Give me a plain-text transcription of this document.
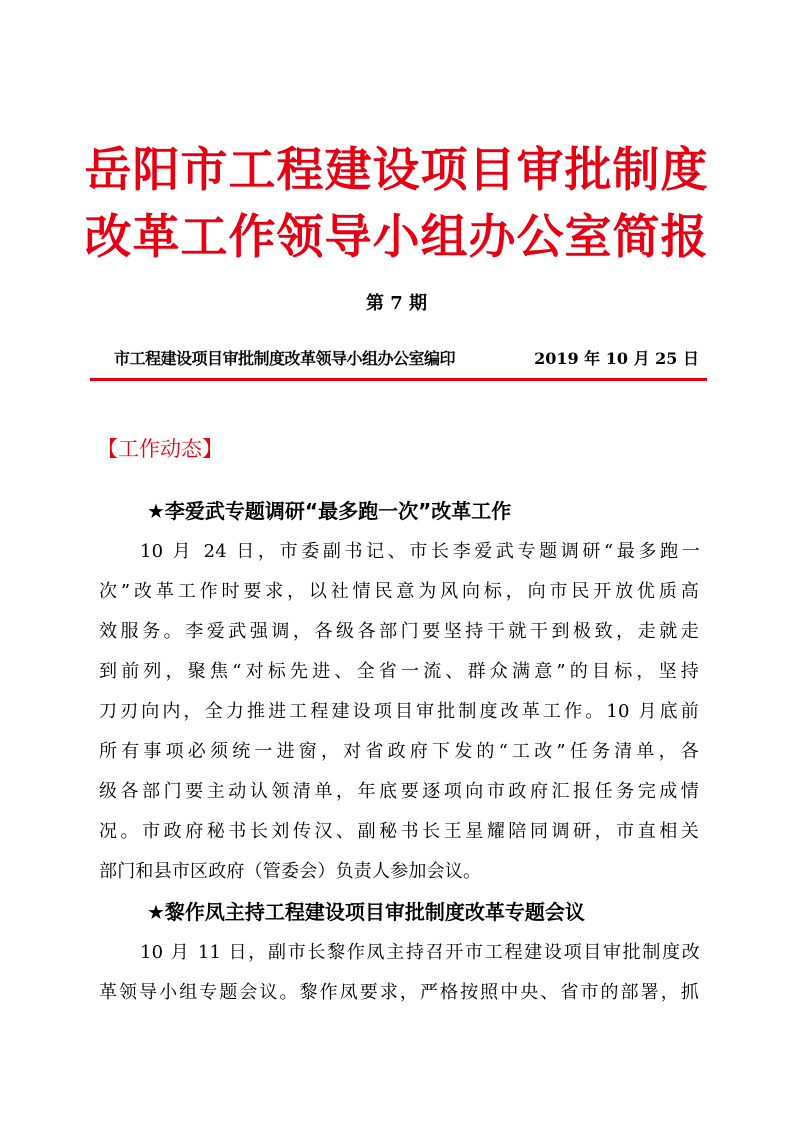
岳阳市工程建设项目审批制度
改革工作领导小组办公室简报
第 7 期
市工程建设项目审批制度改革领导小组办公室编印	2019 年 10 月 25 日
【工作动态】
★李爱武专题调研“最多跑一次”改革工作
10 月 24 日，市委副书记、市长李爱武专题调研“最多跑一
次”改革工作时要求，以社情民意为风向标，向市民开放优质高
效服务。李爱武强调，各级各部门要坚持干就干到极致，走就走
到前列，聚焦“对标先进、全省一流、群众满意”的目标，坚持
刀刃向内，全力推进工程建设项目审批制度改革工作。10 月底前
所有事项必须统一进窗，对省政府下发的“工改”任务清单，各
级各部门要主动认领清单，年底要逐项向市政府汇报任务完成情
况。市政府秘书长刘传汉、副秘书长王星耀陪同调研，市直相关
部门和县市区政府（管委会）负责人参加会议。
★黎作凤主持工程建设项目审批制度改革专题会议
10 月 11 日，副市长黎作凤主持召开市工程建设项目审批制度改
革领导小组专题会议。黎作凤要求，严格按照中央、省市的部署，抓
